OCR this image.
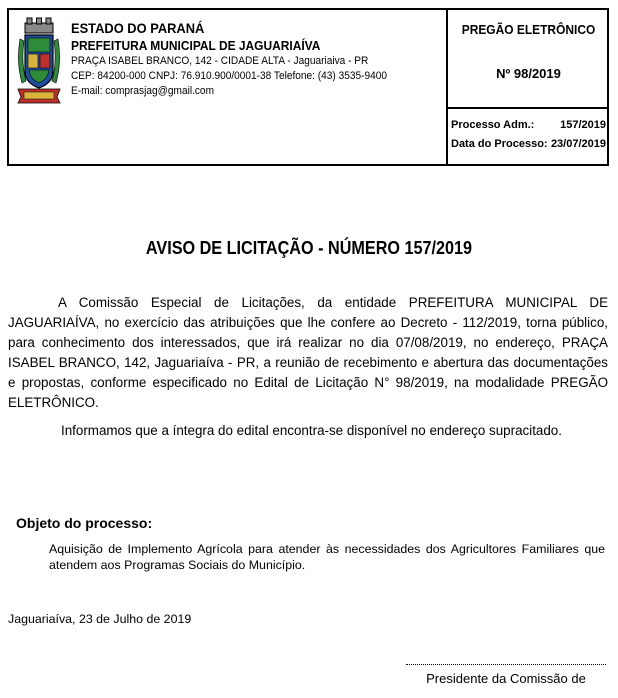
ESTADO DO PARANÁ
PREFEITURA MUNICIPAL DE JAGUARIAÍVA
PRAÇA ISABEL BRANCO, 142 - CIDADE ALTA - Jaguariaiva - PR
CEP: 84200-000 CNPJ: 76.910.900/0001-38 Telefone: (43) 3535-9400
E-mail: comprasjag@gmail.com
PREGÃO ELETRÔNICO
Nº 98/2019
Processo Adm.: 157/2019
Data do Processo: 23/07/2019
AVISO DE LICITAÇÃO - NÚMERO 157/2019
A Comissão Especial de Licitações, da entidade PREFEITURA MUNICIPAL DE JAGUARIAÍVA, no exercício das atribuições que lhe confere ao Decreto - 112/2019, torna público, para conhecimento dos interessados, que irá realizar no dia 07/08/2019, no endereço, PRAÇA ISABEL BRANCO, 142, Jaguariaíva - PR, a reunião de recebimento e abertura das documentações e propostas, conforme especificado no Edital de Licitação N° 98/2019, na modalidade PREGÃO ELETRÔNICO.
Informamos que a íntegra do edital encontra-se disponível no endereço supracitado.
Objeto do processo:
Aquisição de Implemento Agrícola para atender às necessidades dos Agricultores Familiares que atendem aos Programas Sociais do Município.
Jaguariaíva, 23 de Julho de 2019
Presidente da Comissão de
